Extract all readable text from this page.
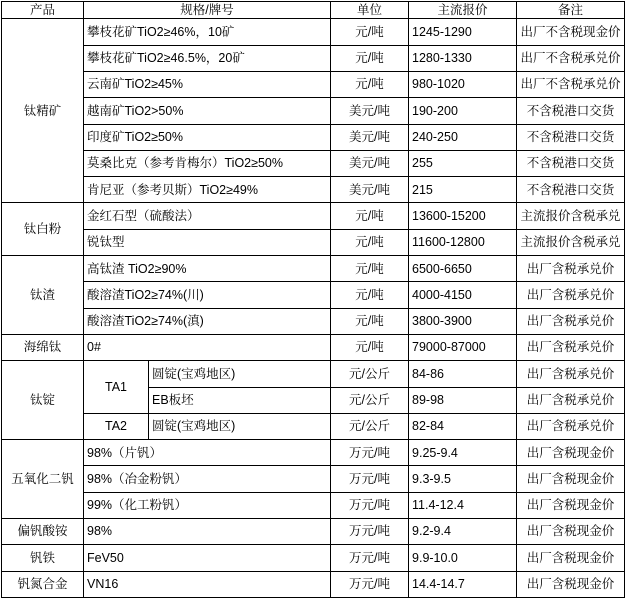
产品	规格/牌号		单位	主流报价	备注
钛精矿	攀枝花矿TiO2≥46%，10矿		元/吨	1245-1290	出厂不含税现金价
	攀枝花矿TiO2≥46.5%，20矿		元/吨	1280-1330	出厂不含税承兑价
	云南矿TiO2≥45%		元/吨	980-1020	出厂不含税承兑价
	越南矿TiO2>50%		美元/吨	190-200	不含税港口交货
	印度矿TiO2≥50%		美元/吨	240-250	不含税港口交货
	莫桑比克（参考肯梅尔）TiO2≥50%		美元/吨	255	不含税港口交货
	肯尼亚（参考贝斯）TiO2≥49%		美元/吨	215	不含税港口交货
钛白粉	金红石型（硫酸法）		元/吨	13600-15200	主流报价含税承兑
	锐钛型		元/吨	11600-12800	主流报价含税承兑
钛渣	高钛渣 TiO2≥90%		元/吨	6500-6650	出厂含税承兑价
	酸溶渣TiO2≥74%(川)		元/吨	4000-4150	出厂含税承兑价
	酸溶渣TiO2≥74%(滇)		元/吨	3800-3900	出厂含税承兑价
海绵钛	0#		元/吨	79000-87000	出厂含税承兑价
钛锭	TA1	圆锭(宝鸡地区)	元/公斤	84-86	出厂含税承兑价
		EB板坯	元/公斤	89-98	出厂含税承兑价
	TA2	圆锭(宝鸡地区)	元/公斤	82-84	出厂含税承兑价
五氧化二钒	98%（片钒）		万元/吨	9.25-9.4	出厂含税现金价
	98%（冶金粉钒）		万元/吨	9.3-9.5	出厂含税现金价
	99%（化工粉钒）		万元/吨	11.4-12.4	出厂含税现金价
偏钒酸铵	98%		万元/吨	9.2-9.4	出厂含税现金价
钒铁	FeV50		万元/吨	9.9-10.0	出厂含税现金价
钒氮合金	VN16		万元/吨	14.4-14.7	出厂含税现金价
